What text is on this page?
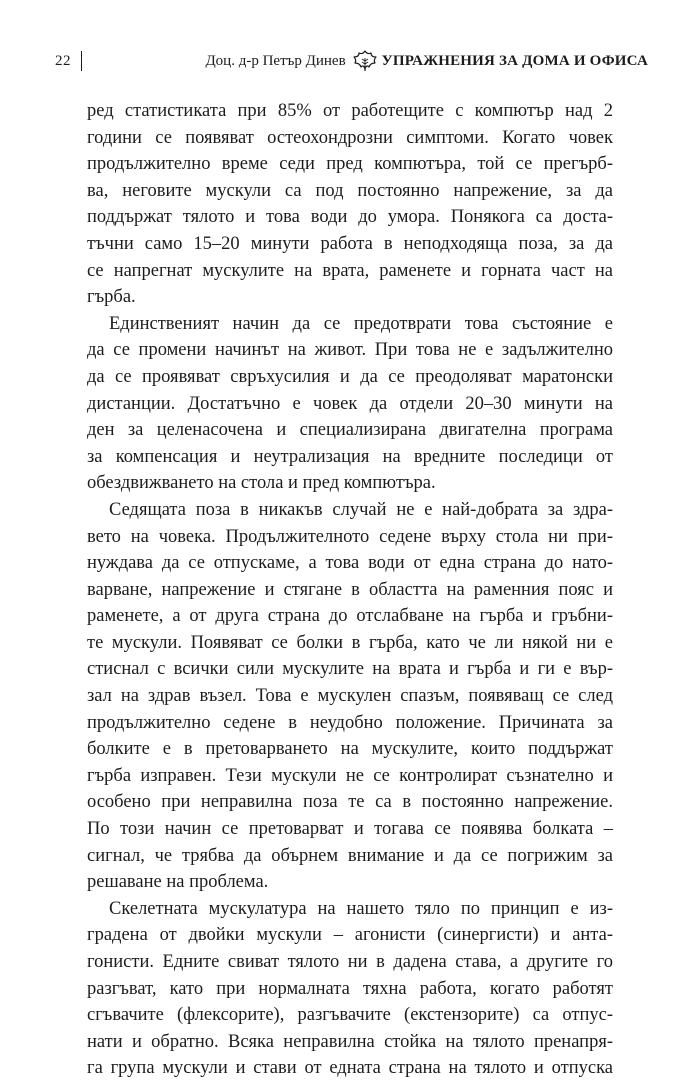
22	Доц. д-р Петър Динев УПРАЖНЕНИЯ ЗА ДОМА И ОФИСА
ред статистиката при 85% от работещите с компютър над 2
години се появяват остеохондрозни симптоми. Когато човек
продължително време седи пред компютъра, той се прегърб-
ва, неговите мускули са под постоянно напрежение, за да
поддържат тялото и това води до умора. Понякога са достa-
тъчни само 15–20 минути работа в неподходяща поза, за да
се напрегнат мускулите на врата, раменете и горната част на
гърба.
Единственият начин да се предотврати това състояние е
да се промени начинът на живот. При това не е задължително
да се проявяват свръхусилия и да се преодоляват маратонски
дистанции. Достатъчно е човек да отдели 20–30 минути на
ден за целенасочена и специализирана двигателна програма
за компенсация и неутрализация на вредните последици от
обездвижването на стола и пред компютъра.
Седящата поза в никакъв случай не е най-добрата за здра-
вето на човека. Продължителното седене върху стола ни при-
нуждава да се отпускаме, а това води от една страна до нато-
варване, напрежение и стягане в областта на раменния пояс и
раменете, а от друга страна до отслабване на гърба и гръбни-
те мускули. Появяват се болки в гърба, като че ли някой ни е
стиснал с всички сили мускулите на врата и гърба и ги е вър-
зал на здрав възел. Това е мускулен спазъм, появяващ се след
продължително седене в неудобно положение. Причината за
болките е в претоварването на мускулите, които поддържат
гърба изправен. Тези мускули не се контролират съзнателно и
особено при неправилна поза те са в постоянно напрежение.
По този начин се претоварват и тогава се появява болката –
сигнал, че трябва да обърнем внимание и да се погрижим за
решаване на проблема.
Скелетната мускулатура на нашето тяло по принцип е из-
градена от двойки мускули – агонисти (синергисти) и анта-
гонисти. Едните свиват тялото ни в дадена става, а другите го
разгъват, като при нормалната тяхна работа, когато работят
сгъвачите (флексорите), разгъвачите (екстензорите) са отпус-
нати и обратно. Всяка неправилна стойка на тялото пренапря-
га група мускули и стави от едната страна на тялото и отпуска
